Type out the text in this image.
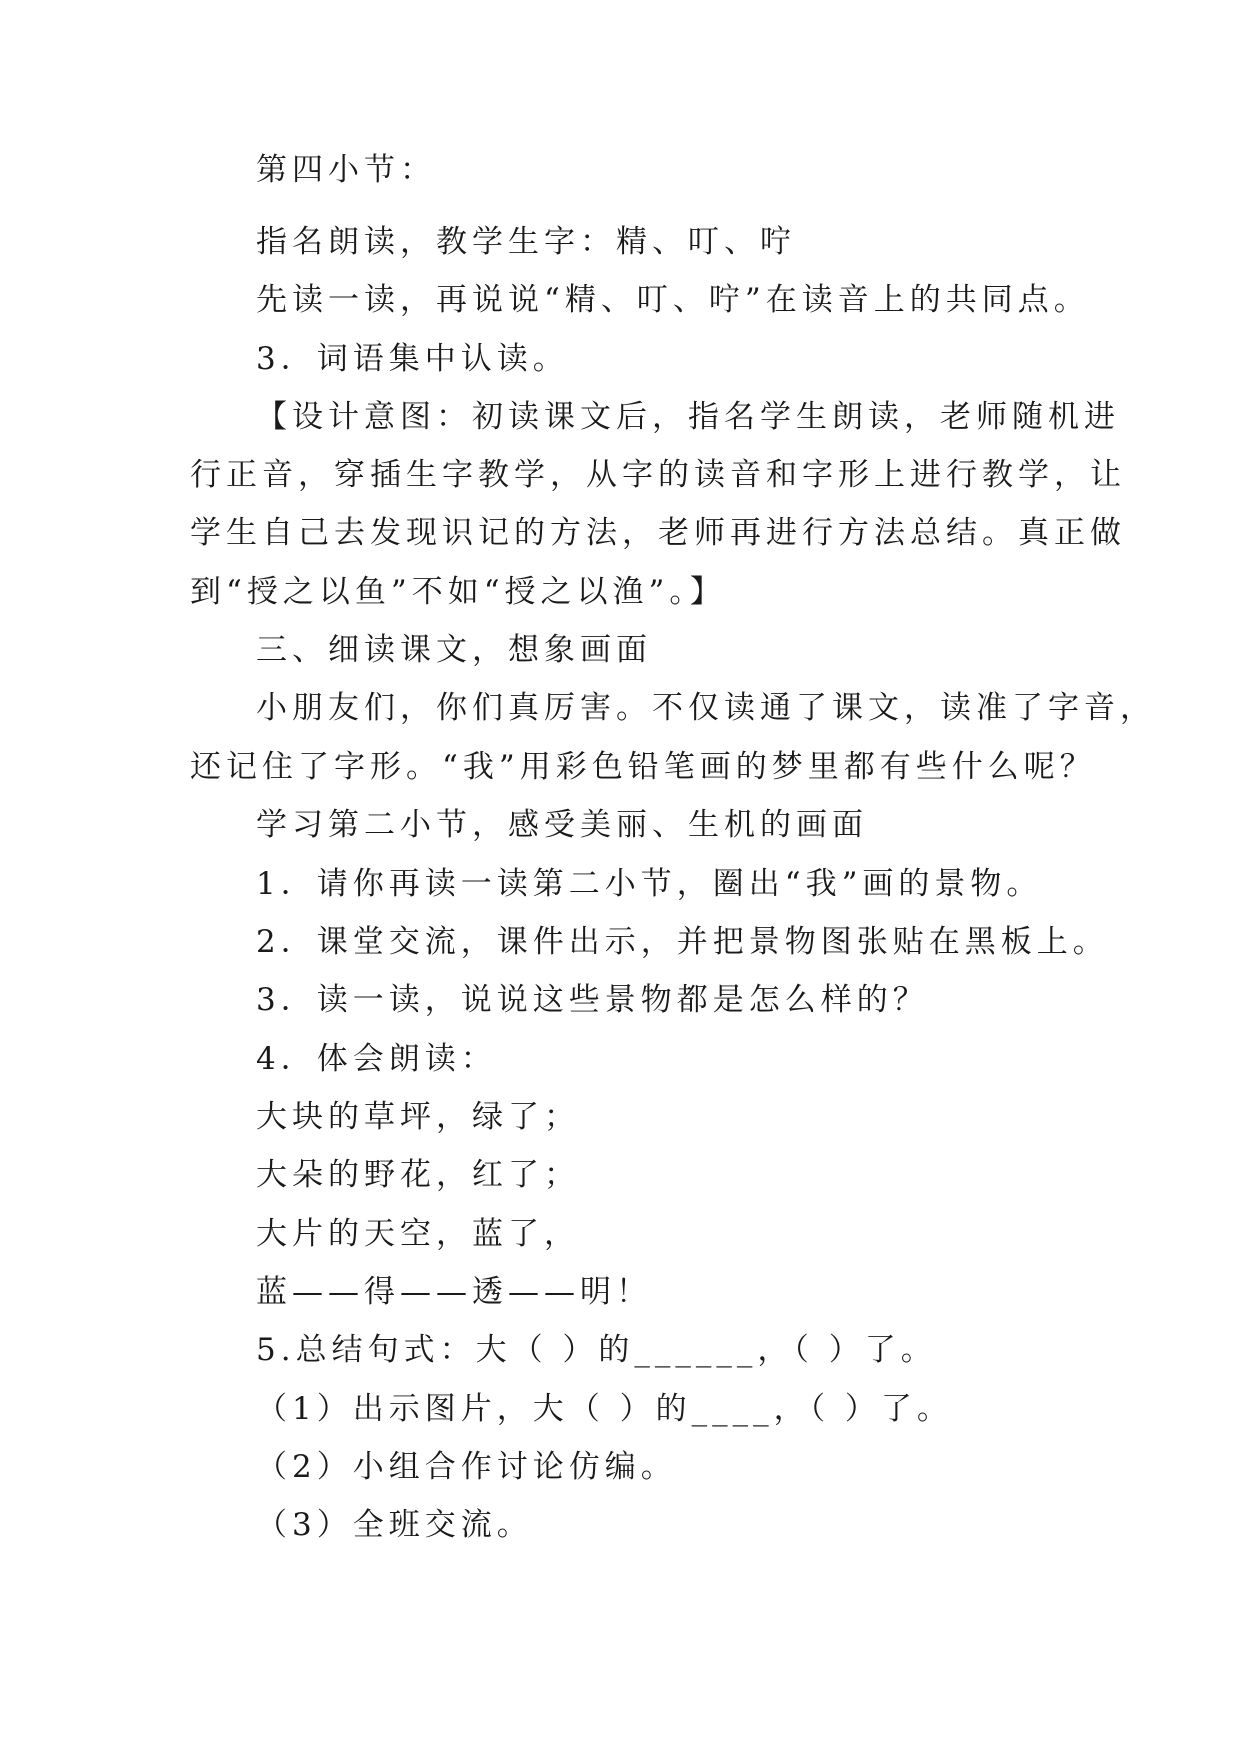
第四小节：
指名朗读，教学生字：精、叮、咛
先读一读，再说说“精、叮、咛”在读音上的共同点。
3．词语集中认读。
【设计意图：初读课文后，指名学生朗读，老师随机进
行正音，穿插生字教学，从字的读音和字形上进行教学，让
学生自己去发现识记的方法，老师再进行方法总结。真正做
到“授之以鱼”不如“授之以渔”。】
三、细读课文，想象画面
小朋友们，你们真厉害。不仅读通了课文，读准了字音，
还记住了字形。“我”用彩色铅笔画的梦里都有些什么呢？
学习第二小节，感受美丽、生机的画面
1．请你再读一读第二小节，圈出“我”画的景物。
2．课堂交流，课件出示，并把景物图张贴在黑板上。
3．读一读，说说这些景物都是怎么样的？
4．体会朗读：
大块的草坪，绿了；
大朵的野花，红了；
大片的天空，蓝了，
蓝——得——透——明！
5.总结句式：大（ ）的______，（ ）了。
（1）出示图片，大（ ）的____，（ ）了。
（2）小组合作讨论仿编。
（3）全班交流。
